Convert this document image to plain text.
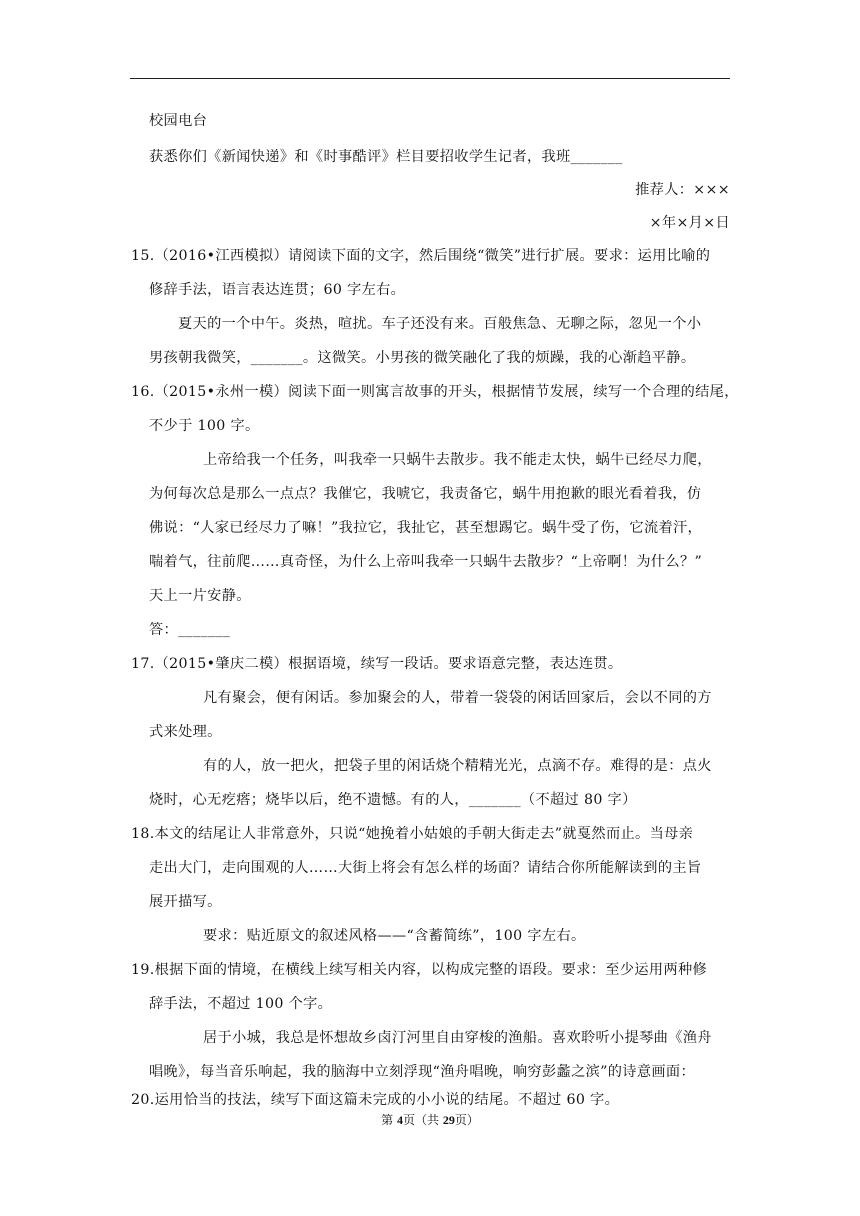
校园电台
获悉你们《新闻快递》和《时事酷评》栏目要招收学生记者，我班_______
推荐人：×××
×年×月×日
15.（2016•江西模拟）请阅读下面的文字，然后围绕“微笑”进行扩展。要求：运用比喻的
修辞手法，语言表达连贯；60 字左右。
夏天的一个中午。炎热，喧扰。车子还没有来。百般焦急、无聊之际，忽见一个小
男孩朝我微笑，_______。这微笑。小男孩的微笑融化了我的烦躁，我的心渐趋平静。
16.（2015•永州一模）阅读下面一则寓言故事的开头，根据情节发展，续写一个合理的结尾，
不少于 100 字。
上帝给我一个任务，叫我牵一只蜗牛去散步。我不能走太快，蜗牛已经尽力爬，
为何每次总是那么一点点？我催它，我唬它，我责备它，蜗牛用抱歉的眼光看着我，仿
佛说：“人家已经尽力了嘛！”我拉它，我扯它，甚至想踢它。蜗牛受了伤，它流着汗，
喘着气，往前爬……真奇怪，为什么上帝叫我牵一只蜗牛去散步？“上帝啊！为什么？”
天上一片安静。
答：_______
17.（2015•肇庆二模）根据语境，续写一段话。要求语意完整，表达连贯。
凡有聚会，便有闲话。参加聚会的人，带着一袋袋的闲话回家后，会以不同的方
式来处理。
有的人，放一把火，把袋子里的闲话烧个精精光光，点滴不存。难得的是：点火
烧时，心无疙瘩；烧毕以后，绝不遗憾。有的人，_______（不超过 80 字）
18.本文的结尾让人非常意外，只说“她挽着小姑娘的手朝大街走去”就戛然而止。当母亲
走出大门，走向围观的人……大街上将会有怎么样的场面？请结合你所能解读到的主旨
展开描写。
要求：贴近原文的叙述风格——“含蓄简练”，100 字左右。
19.根据下面的情境，在横线上续写相关内容，以构成完整的语段。要求：至少运用两种修
辞手法，不超过 100 个字。
居于小城，我总是怀想故乡卤汀河里自由穿梭的渔船。喜欢聆听小提琴曲《渔舟
唱晚》，每当音乐响起，我的脑海中立刻浮现“渔舟唱晚，响穷彭蠡之滨”的诗意画面：
20.运用恰当的技法，续写下面这篇未完成的小小说的结尾。不超过 60 字。
第 4页（共 29页）
